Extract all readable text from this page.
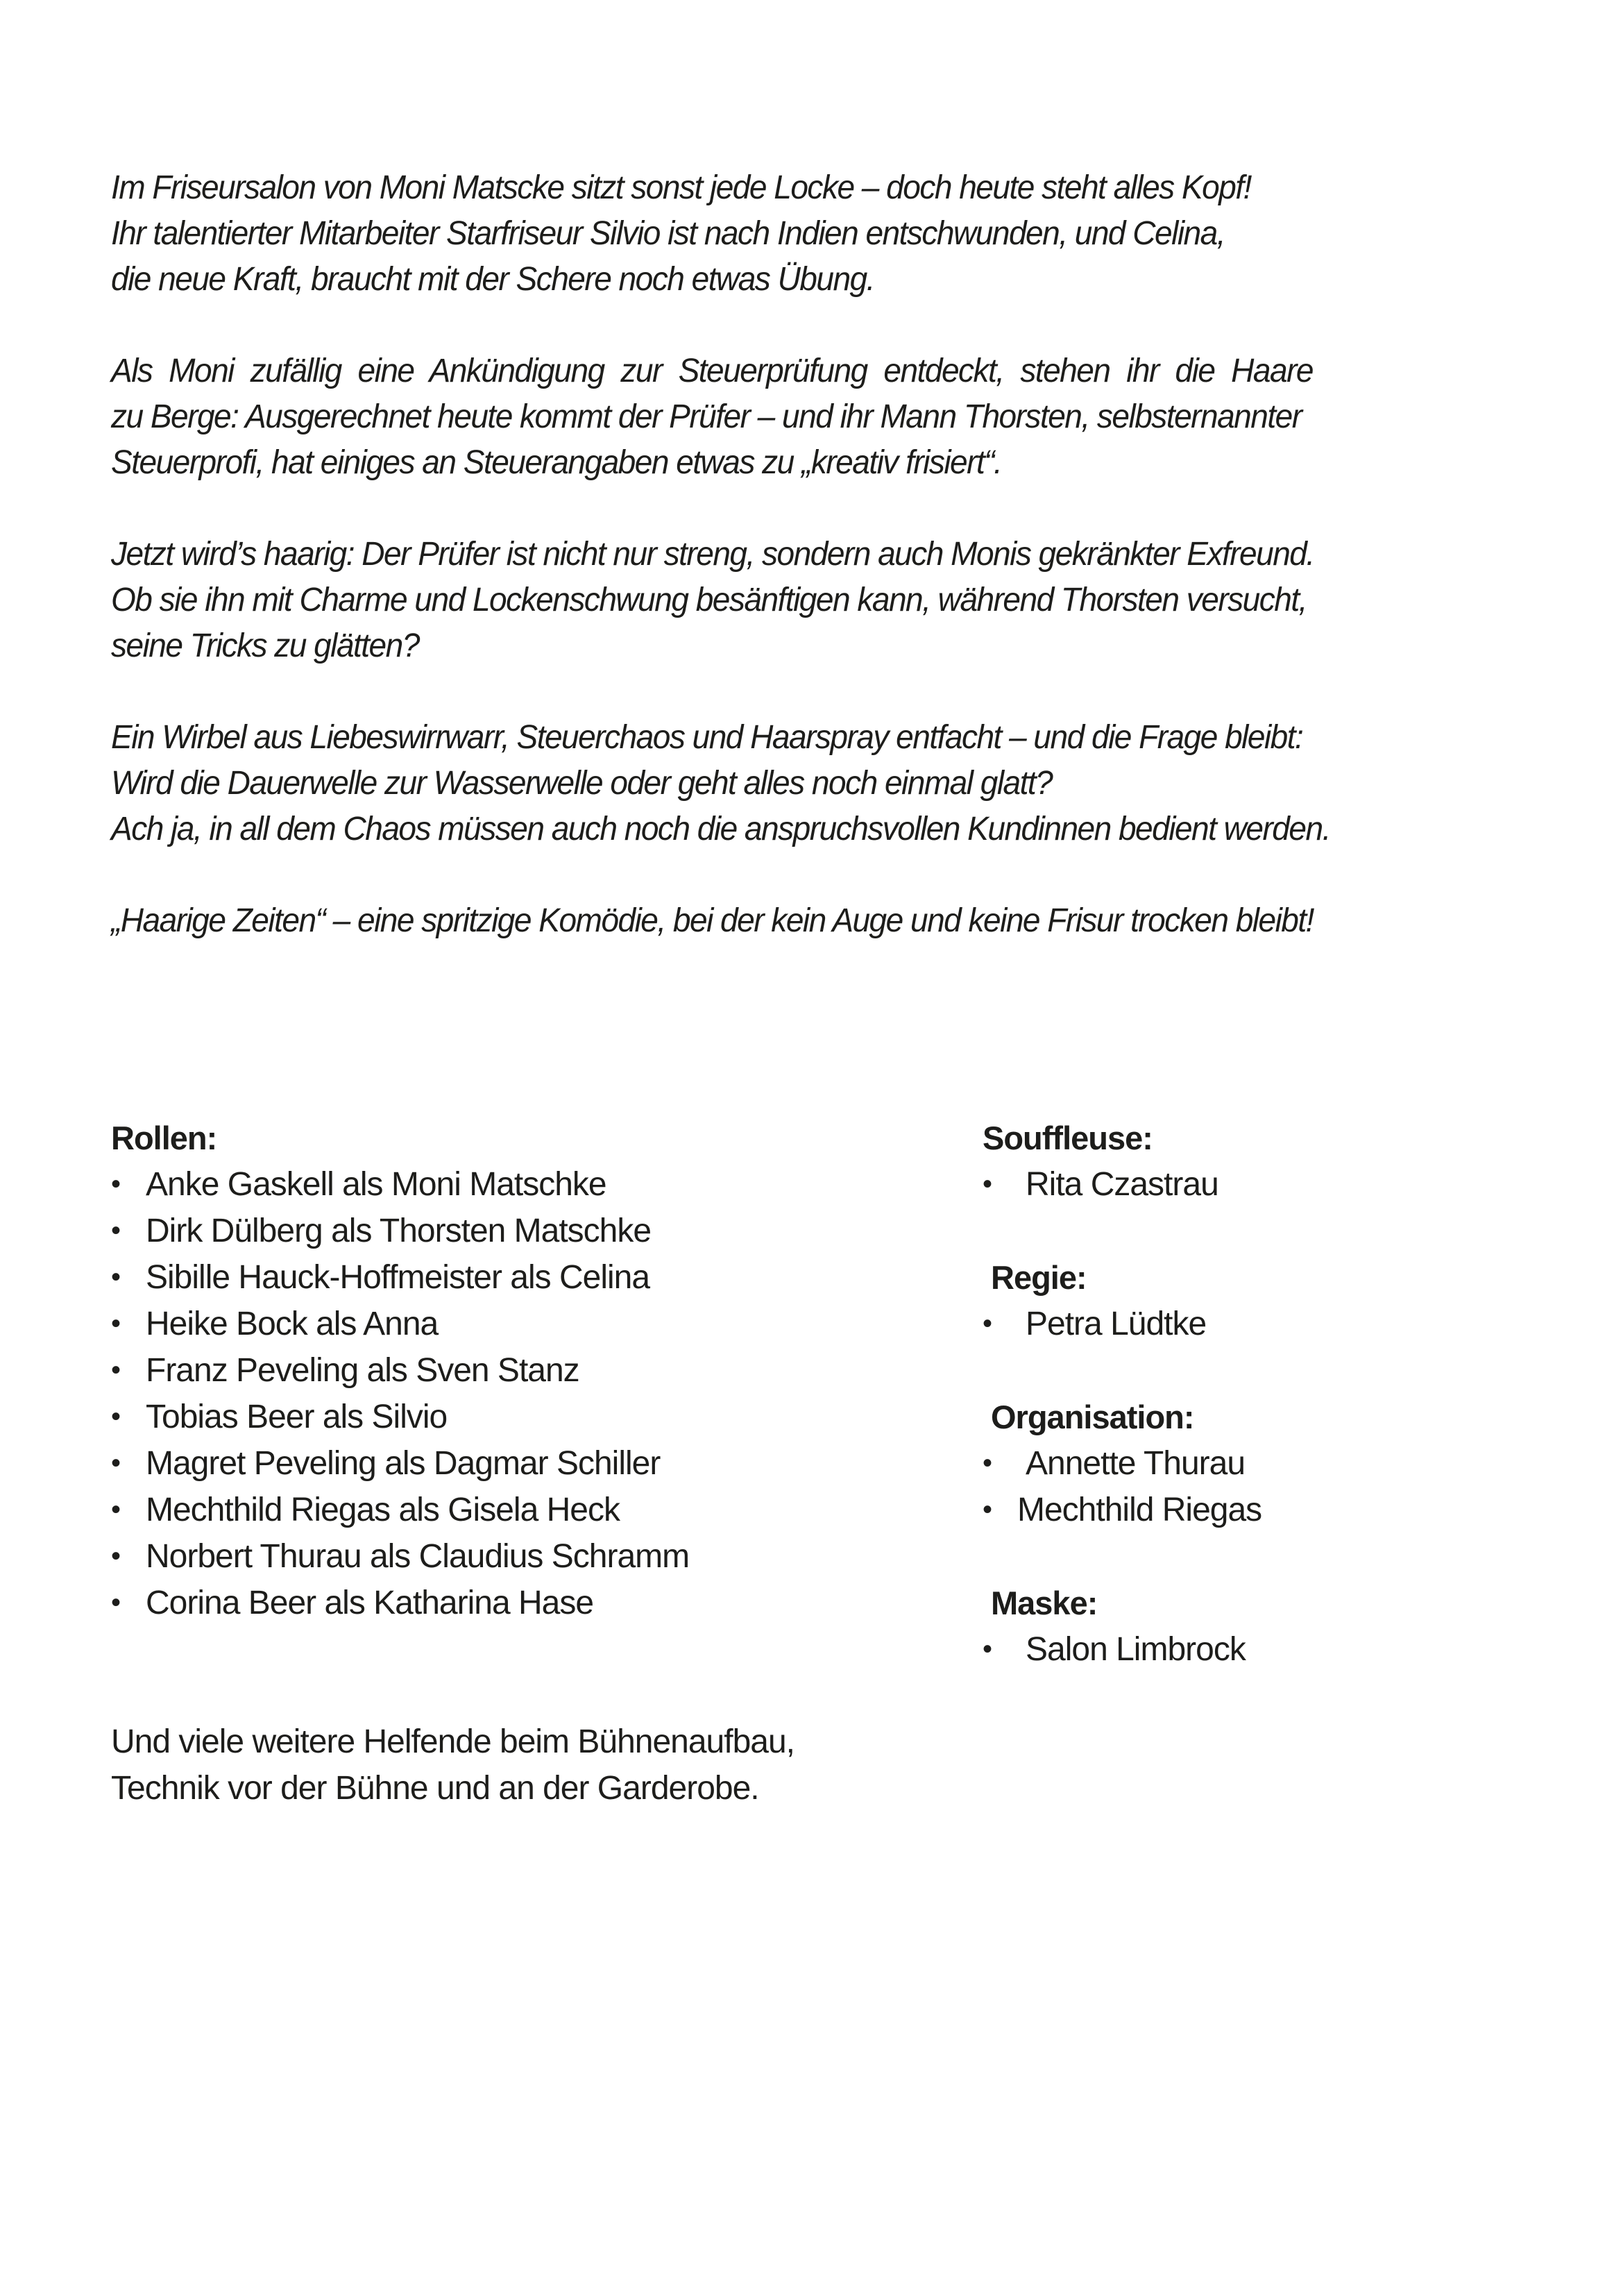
Im Friseursalon von Moni Matscke sitzt sonst jede Locke – doch heute steht alles Kopf!
Ihr talentierter Mitarbeiter Starfriseur Silvio ist nach Indien entschwunden, und Celina,
die neue Kraft, braucht mit der Schere noch etwas Übung.

Als Moni zufällig eine Ankündigung zur Steuerprüfung entdeckt, stehen ihr die Haare
zu Berge: Ausgerechnet heute kommt der Prüfer – und ihr Mann Thorsten, selbsternannter
Steuerprofi, hat einiges an Steuerangaben etwas zu „kreativ frisiert“.

Jetzt wird’s haarig: Der Prüfer ist nicht nur streng, sondern auch Monis gekränkter Exfreund.
Ob sie ihn mit Charme und Lockenschwung besänftigen kann, während Thorsten versucht,
seine Tricks zu glätten?

Ein Wirbel aus Liebeswirrwarr, Steuerchaos und Haarspray entfacht – und die Frage bleibt:
Wird die Dauerwelle zur Wasserwelle oder geht alles noch einmal glatt?
Ach ja, in all dem Chaos müssen auch noch die anspruchsvollen Kundinnen bedient werden.

„Haarige Zeiten“ – eine spritzige Komödie, bei der kein Auge und keine Frisur trocken bleibt!

Rollen:
• Anke Gaskell als Moni Matschke
• Dirk Dülberg als Thorsten Matschke
• Sibille Hauck-Hoffmeister als Celina
• Heike Bock als Anna
• Franz Peveling als Sven Stanz
• Tobias Beer als Silvio
• Magret Peveling als Dagmar Schiller
• Mechthild Riegas als Gisela Heck
• Norbert Thurau als Claudius Schramm
• Corina Beer als Katharina Hase
Souffleuse:
• Rita Czastrau
Regie:
• Petra Lüdtke
Organisation:
• Annette Thurau
• Mechthild Riegas
Maske:
• Salon Limbrock
Und viele weitere Helfende beim Bühnenaufbau,
Technik vor der Bühne und an der Garderobe.
